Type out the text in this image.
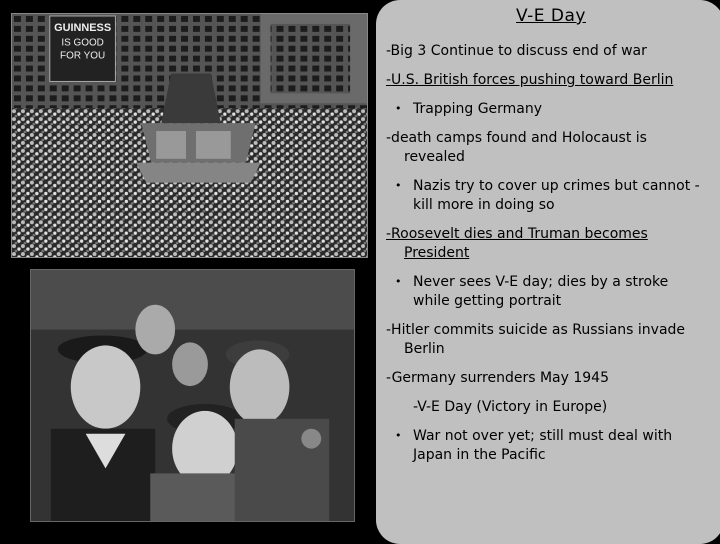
GUINNESS
IS GOOD
FOR YOU
V-E Day
-Big 3 Continue to discuss end of war
-U.S. British forces pushing toward Berlin
• Trapping Germany
-death camps found and Holocaust is revealed
• Nazis try to cover up crimes but cannot - kill more in doing so
-Roosevelt dies and Truman becomes President
• Never sees V-E day; dies by a stroke while getting portrait
-Hitler commits suicide as Russians invade Berlin
-Germany surrenders May 1945
-V-E Day (Victory in Europe)
• War not over yet; still must deal with Japan in the Pacific
